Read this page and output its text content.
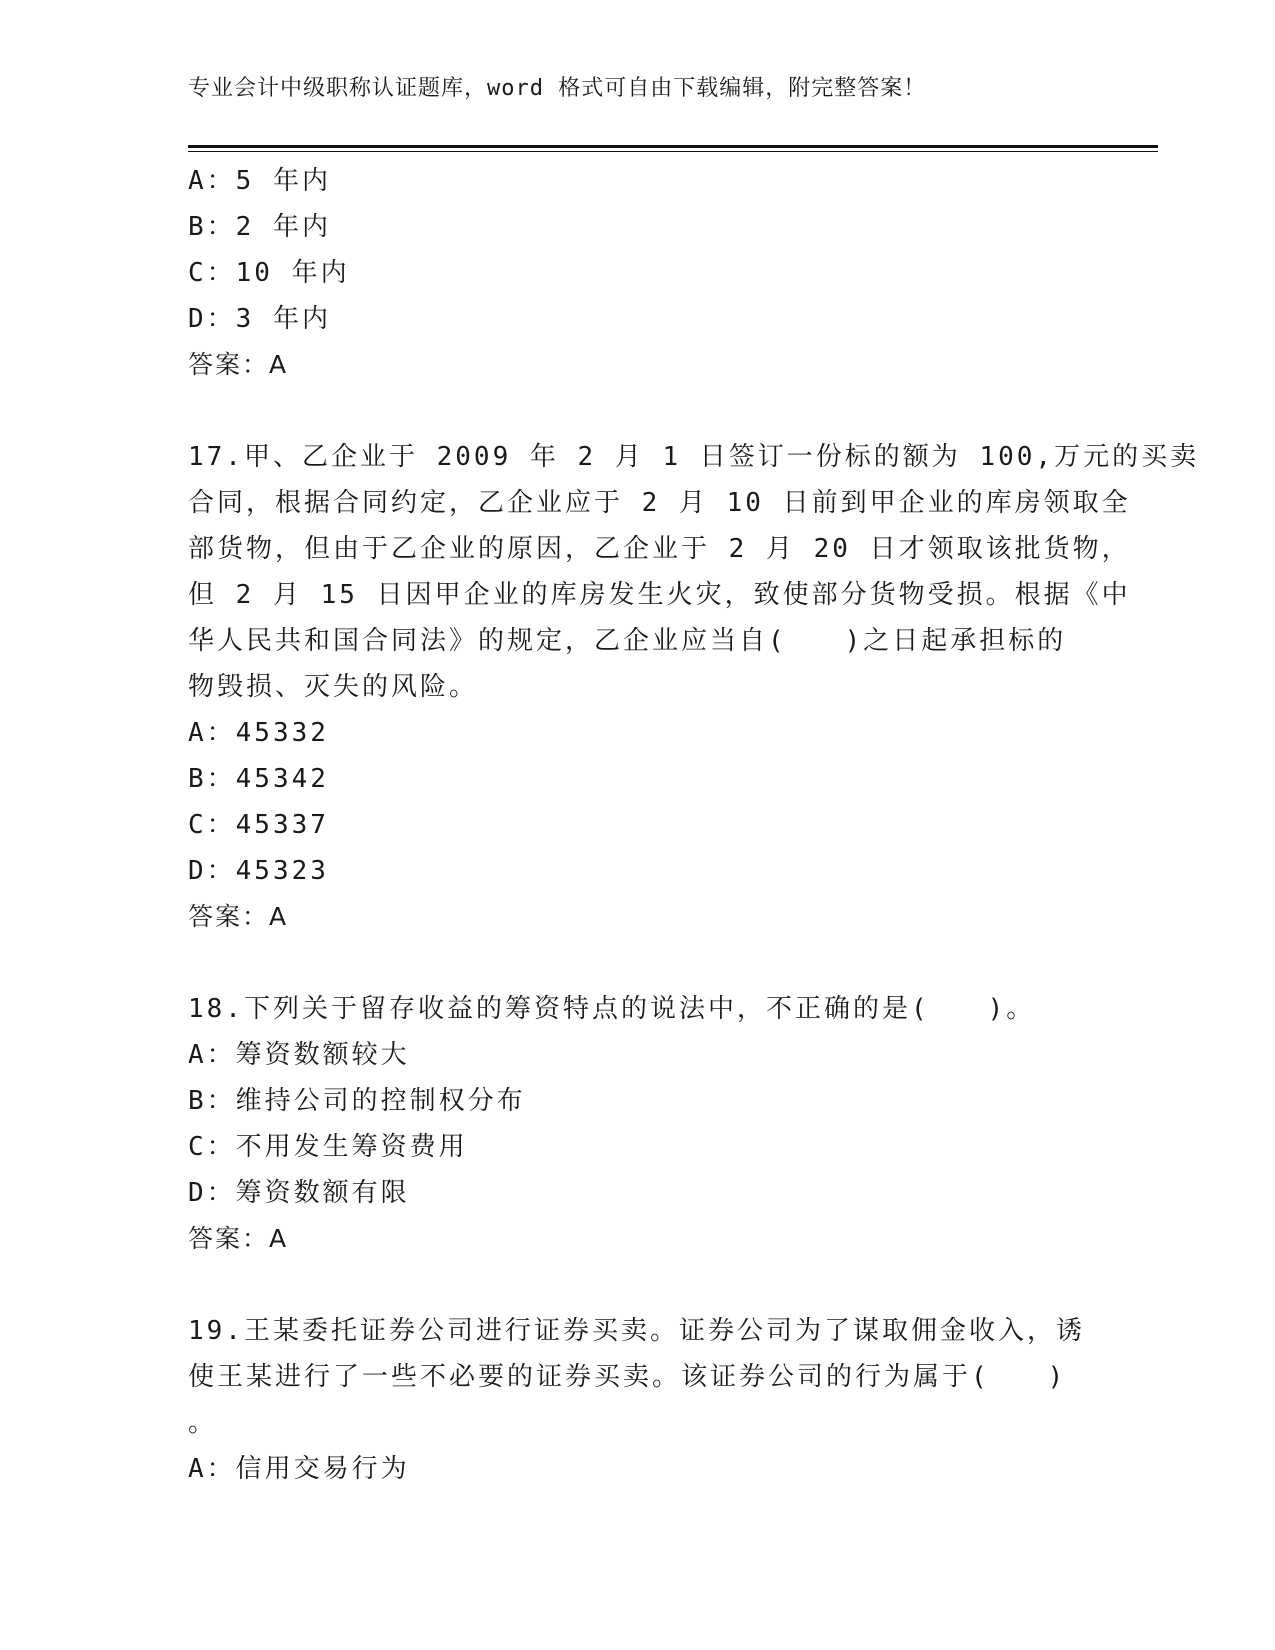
专业会计中级职称认证题库，word 格式可自由下载编辑，附完整答案！
A：5 年内
B：2 年内
C：10 年内
D：3 年内
答案：A
17.甲、乙企业于 2009 年 2 月 1 日签订一份标的额为 100,万元的买卖
合同，根据合同约定，乙企业应于 2 月 10 日前到甲企业的库房领取全
部货物，但由于乙企业的原因，乙企业于 2 月 20 日才领取该批货物，
但 2 月 15 日因甲企业的库房发生火灾，致使部分货物受损。根据《中
华人民共和国合同法》的规定，乙企业应当自(　　)之日起承担标的
物毁损、灭失的风险。
A：45332
B：45342
C：45337
D：45323
答案：A
18.下列关于留存收益的筹资特点的说法中，不正确的是(　　)。
A：筹资数额较大
B：维持公司的控制权分布
C：不用发生筹资费用
D：筹资数额有限
答案：A
19.王某委托证券公司进行证券买卖。证券公司为了谋取佣金收入，诱
使王某进行了一些不必要的证券买卖。该证券公司的行为属于(　　)
。
A：信用交易行为
